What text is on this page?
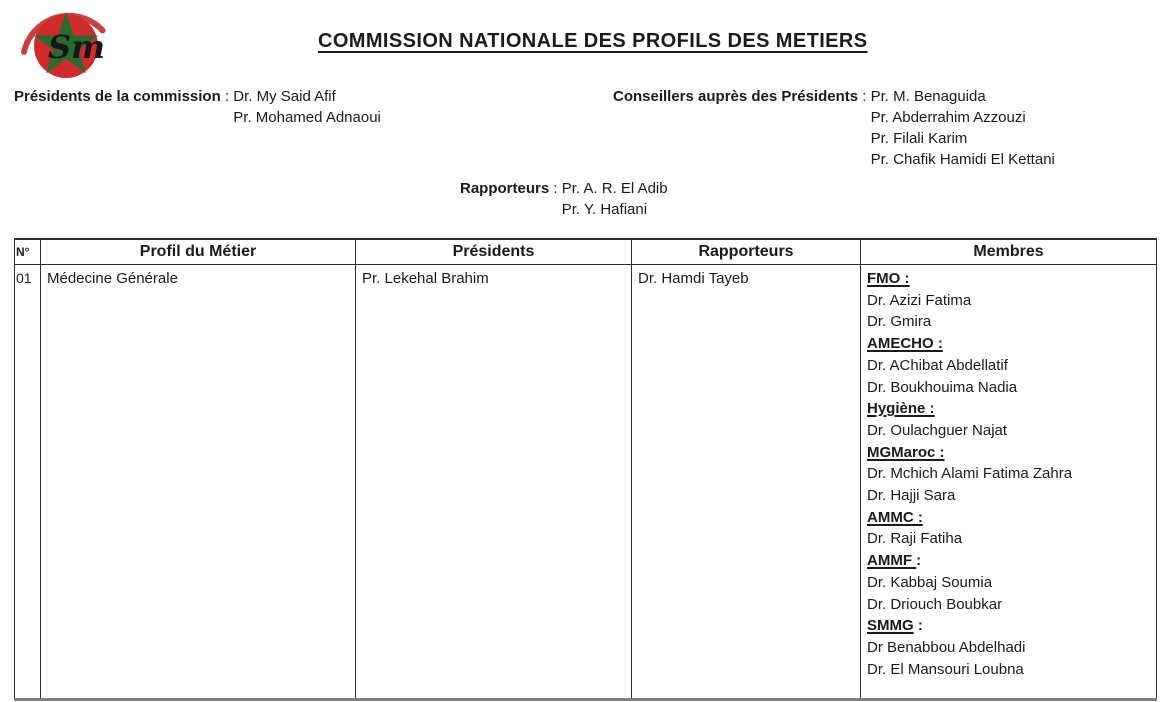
Sm	COMMISSION NATIONALE DES PROFILS DES METIERS
Présidents de la commission : Dr. My Said Afif
Pr. Mohamed Adnaoui
Conseillers auprès des Présidents : Pr. M. Benaguida
Pr. Abderrahim Azzouzi
Pr. Filali Karim
Pr. Chafik Hamidi El Kettani
Rapporteurs : Pr. A. R. El Adib
Pr. Y. Hafiani
N°	Profil du Métier	Présidents	Rapporteurs	Membres
01	Médecine Générale	Pr. Lekehal Brahim	Dr. Hamdi Tayeb	FMO :
Dr. Azizi Fatima
Dr. Gmira
AMECHO :
Dr. AChibat Abdellatif
Dr. Boukhouima Nadia
Hygiène :
Dr. Oulachguer Najat
MGMaroc :
Dr. Mchich Alami Fatima Zahra
Dr. Hajji Sara
AMMC :
Dr. Raji Fatiha
AMMF :
Dr. Kabbaj Soumia
Dr. Driouch Boubkar
SMMG :
Dr Benabbou Abdelhadi
Dr. El Mansouri Loubna
